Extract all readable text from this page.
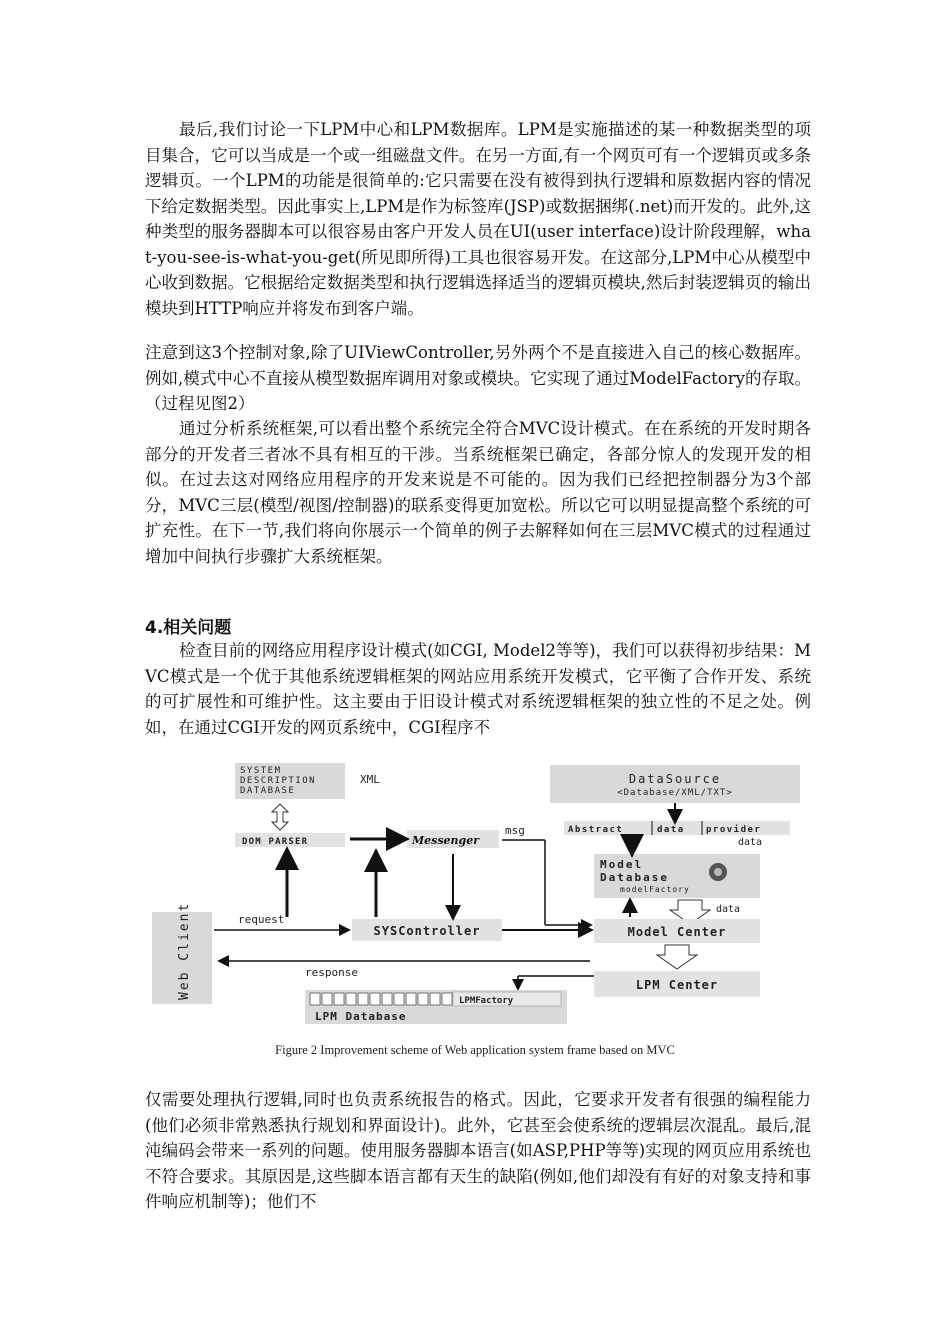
最后,我们讨论一下LPM中心和LPM数据库。LPM是实施描述的某一种数据类型的项目集合，它可以当成是一个或一组磁盘文件。在另一方面,有一个网页可有一个逻辑页或多条逻辑页。一个LPM的功能是很简单的:它只需要在没有被得到执行逻辑和原数据内容的情况下给定数据类型。因此事实上,LPM是作为标签库(JSP)或数据捆绑(.net)而开发的。此外,这种类型的服务器脚本可以很容易由客户开发人员在UI(user interface)设计阶段理解，what-you-see-is-what-you-get(所见即所得)工具也很容易开发。在这部分,LPM中心从模型中心收到数据。它根据给定数据类型和执行逻辑选择适当的逻辑页模块,然后封装逻辑页的输出模块到HTTP响应并将发布到客户端。
注意到这3个控制对象,除了UIViewController,另外两个不是直接进入自己的核心数据库。例如,模式中心不直接从模型数据库调用对象或模块。它实现了通过ModelFactory的存取。（过程见图2）
通过分析系统框架,可以看出整个系统完全符合MVC设计模式。在在系统的开发时期各部分的开发者三者冰不具有相互的干涉。当系统框架已确定，各部分惊人的发现开发的相似。在过去这对网络应用程序的开发来说是不可能的。因为我们已经把控制器分为3个部分，MVC三层(模型/视图/控制器)的联系变得更加宽松。所以它可以明显提高整个系统的可扩充性。在下一节,我们将向你展示一个简单的例子去解释如何在三层MVC模式的过程通过增加中间执行步骤扩大系统框架。
4.相关问题
检查目前的网络应用程序设计模式(如CGI, Model2等等)，我们可以获得初步结果：MVC模式是一个优于其他系统逻辑框架的网站应用系统开发模式，它平衡了合作开发、系统的可扩展性和可维护性。这主要由于旧设计模式对系统逻辑框架的独立性的不足之处。例如，在通过CGI开发的网页系统中，CGI程序不
SYSTEM
DESCRIPTION
DATABASE
XML
DOM PARSER	Messenger
msg
DataSource
<Database/XML/TXT>
Abstract	data provider
data
Model
Database
modelFactory
data
Web Client	SYSController
request
Model Center
LPM Center
response
LPMFactory
LPM Database
Figure 2 Improvement scheme of Web application system frame based on MVC
仅需要处理执行逻辑,同时也负责系统报告的格式。因此，它要求开发者有很强的编程能力(他们必须非常熟悉执行规划和界面设计)。此外，它甚至会使系统的逻辑层次混乱。最后,混沌编码会带来一系列的问题。使用服务器脚本语言(如ASP,PHP等等)实现的网页应用系统也不符合要求。其原因是,这些脚本语言都有天生的缺陷(例如,他们却没有有好的对象支持和事件响应机制等)；他们不
